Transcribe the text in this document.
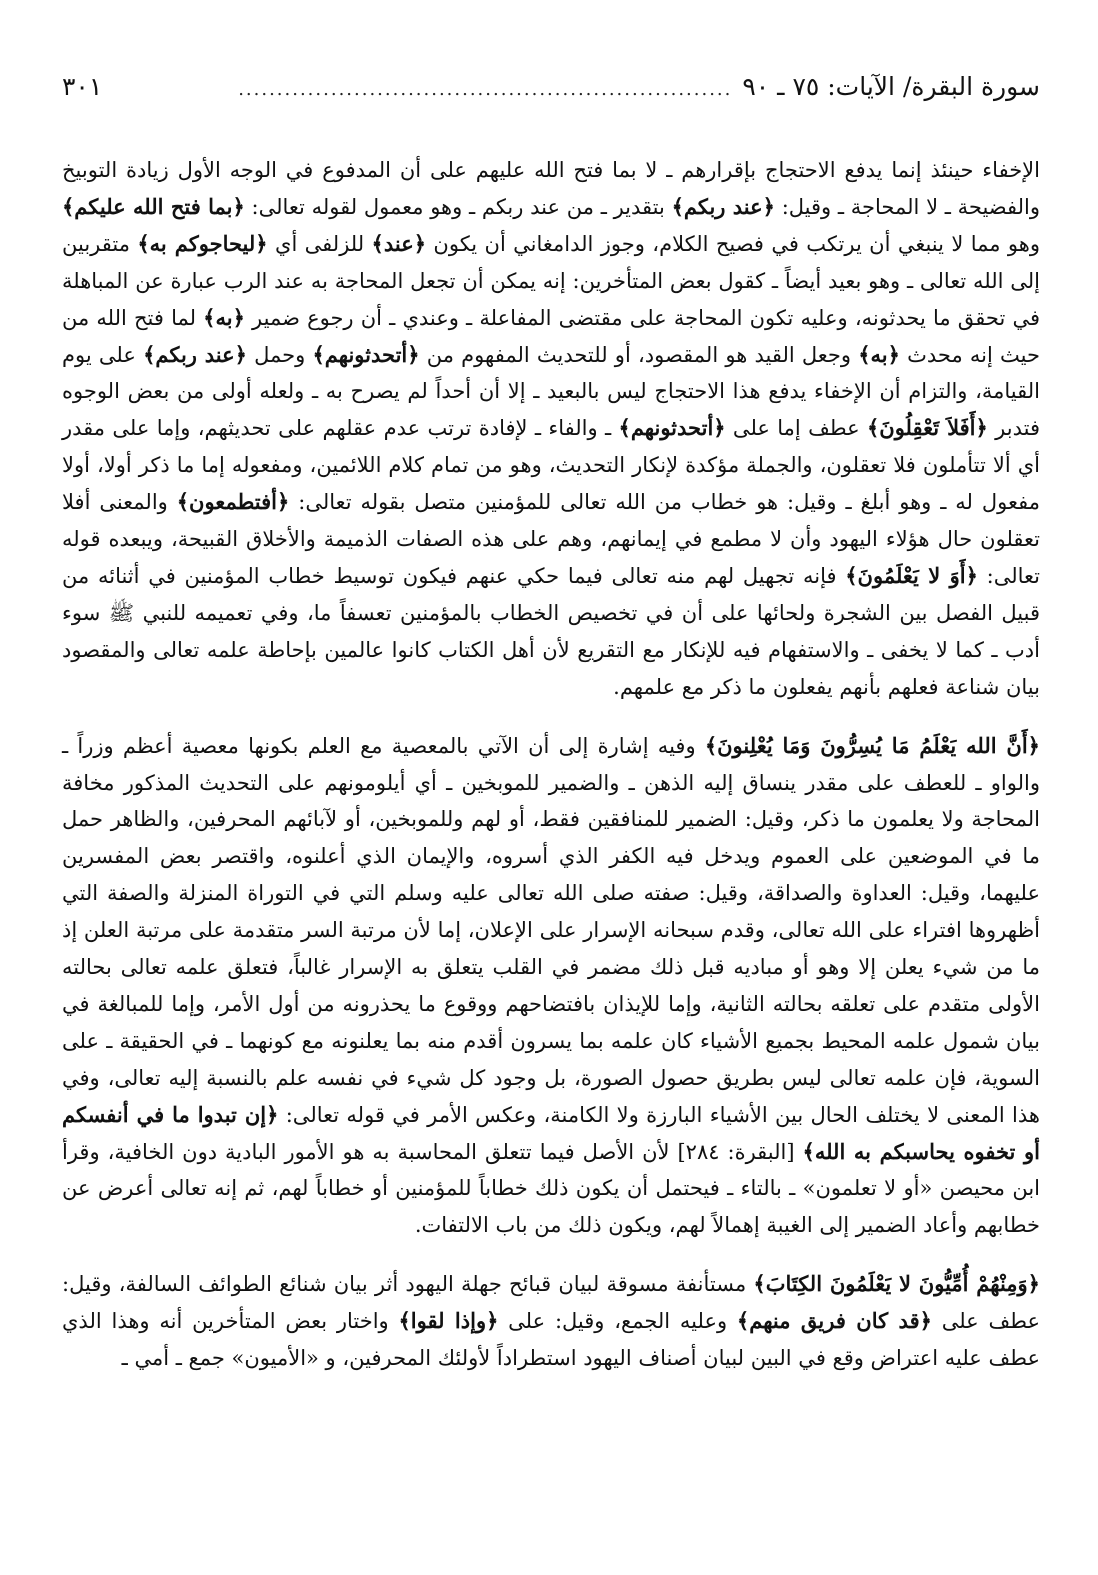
سورة البقرة/ الآيات: ٧٥ ـ ٩٠
................................................................
٣٠١

الإخفاء حينئذ إنما يدفع الاحتجاج بإقرارهم ـ لا بما فتح الله عليهم على أن المدفوع في الوجه الأول زيادة التوبيخ والفضيحة ـ لا المحاجة ـ وقيل: ﴿عند ربكم﴾ بتقدير ـ من عند ربكم ـ وهو معمول لقوله تعالى: ﴿بما فتح الله عليكم﴾ وهو مما لا ينبغي أن يرتكب في فصيح الكلام، وجوز الدامغاني أن يكون ﴿عند﴾ للزلفى أي ﴿ليحاجوكم به﴾ متقربين إلى الله تعالى ـ وهو بعيد أيضاً ـ كقول بعض المتأخرين: إنه يمكن أن تجعل المحاجة به عند الرب عبارة عن المباهلة في تحقق ما يحدثونه، وعليه تكون المحاجة على مقتضى المفاعلة ـ وعندي ـ أن رجوع ضمير ﴿به﴾ لما فتح الله من حيث إنه محدث ﴿به﴾ وجعل القيد هو المقصود، أو للتحديث المفهوم من ﴿أتحدثونهم﴾ وحمل ﴿عند ربكم﴾ على يوم القيامة، والتزام أن الإخفاء يدفع هذا الاحتجاج ليس بالبعيد ـ إلا أن أحداً لم يصرح به ـ ولعله أولى من بعض الوجوه فتدبر ﴿أَفَلاَ تَعْقِلُونَ﴾ عطف إما على ﴿أتحدثونهم﴾ ـ والفاء ـ لإفادة ترتب عدم عقلهم على تحديثهم، وإما على مقدر أي ألا تتأملون فلا تعقلون، والجملة مؤكدة لإنكار التحديث، وهو من تمام كلام اللائمين، ومفعوله إما ما ذكر أولا، أولا مفعول له ـ وهو أبلغ ـ وقيل: هو خطاب من الله تعالى للمؤمنين متصل بقوله تعالى: ﴿أفتطمعون﴾ والمعنى أفلا تعقلون حال هؤلاء اليهود وأن لا مطمع في إيمانهم، وهم على هذه الصفات الذميمة والأخلاق القبيحة، ويبعده قوله تعالى: ﴿أَوَ لا يَعْلَمُونَ﴾ فإنه تجهيل لهم منه تعالى فيما حكي عنهم فيكون توسيط خطاب المؤمنين في أثنائه من قبيل الفصل بين الشجرة ولحائها على أن في تخصيص الخطاب بالمؤمنين تعسفاً ما، وفي تعميمه للنبي ﷺ سوء أدب ـ كما لا يخفى ـ والاستفهام فيه للإنكار مع التقريع لأن أهل الكتاب كانوا عالمين بإحاطة علمه تعالى والمقصود بيان شناعة فعلهم بأنهم يفعلون ما ذكر مع علمهم.

﴿أَنَّ الله يَعْلَمُ مَا يُسِرُّونَ وَمَا يُعْلِنونَ﴾ وفيه إشارة إلى أن الآتي بالمعصية مع العلم بكونها معصية أعظم وزراً ـ والواو ـ للعطف على مقدر ينساق إليه الذهن ـ والضمير للموبخين ـ أي أيلومونهم على التحديث المذكور مخافة المحاجة ولا يعلمون ما ذكر، وقيل: الضمير للمنافقين فقط، أو لهم وللموبخين، أو لآبائهم المحرفين، والظاهر حمل ما في الموضعين على العموم ويدخل فيه الكفر الذي أسروه، والإيمان الذي أعلنوه، واقتصر بعض المفسرين عليهما، وقيل: العداوة والصداقة، وقيل: صفته صلى الله تعالى عليه وسلم التي في التوراة المنزلة والصفة التي أظهروها افتراء على الله تعالى، وقدم سبحانه الإسرار على الإعلان، إما لأن مرتبة السر متقدمة على مرتبة العلن إذ ما من شيء يعلن إلا وهو أو مباديه قبل ذلك مضمر في القلب يتعلق به الإسرار غالباً، فتعلق علمه تعالى بحالته الأولى متقدم على تعلقه بحالته الثانية، وإما للإيذان بافتضاحهم ووقوع ما يحذرونه من أول الأمر، وإما للمبالغة في بيان شمول علمه المحيط بجميع الأشياء كان علمه بما يسرون أقدم منه بما يعلنونه مع كونهما ـ في الحقيقة ـ على السوية، فإن علمه تعالى ليس بطريق حصول الصورة، بل وجود كل شيء في نفسه علم بالنسبة إليه تعالى، وفي هذا المعنى لا يختلف الحال بين الأشياء البارزة ولا الكامنة، وعكس الأمر في قوله تعالى: ﴿إن تبدوا ما في أنفسكم أو تخفوه يحاسبكم به الله﴾ [البقرة: ٢٨٤] لأن الأصل فيما تتعلق المحاسبة به هو الأمور البادية دون الخافية، وقرأ ابن محيصن «أو لا تعلمون» ـ بالتاء ـ فيحتمل أن يكون ذلك خطاباً للمؤمنين أو خطاباً لهم، ثم إنه تعالى أعرض عن خطابهم وأعاد الضمير إلى الغيبة إهمالاً لهم، ويكون ذلك من باب الالتفات.

﴿وَمِنْهُمْ أُمِّيُّونَ لا يَعْلَمُونَ الكِتَابَ﴾ مستأنفة مسوقة لبيان قبائح جهلة اليهود أثر بيان شنائع الطوائف السالفة، وقيل: عطف على ﴿قد كان فريق منهم﴾ وعليه الجمع، وقيل: على ﴿وإذا لقوا﴾ واختار بعض المتأخرين أنه وهذا الذي عطف عليه اعتراض وقع في البين لبيان أصناف اليهود استطراداً لأولئك المحرفين، و «الأميون» جمع ـ أمي ـ
